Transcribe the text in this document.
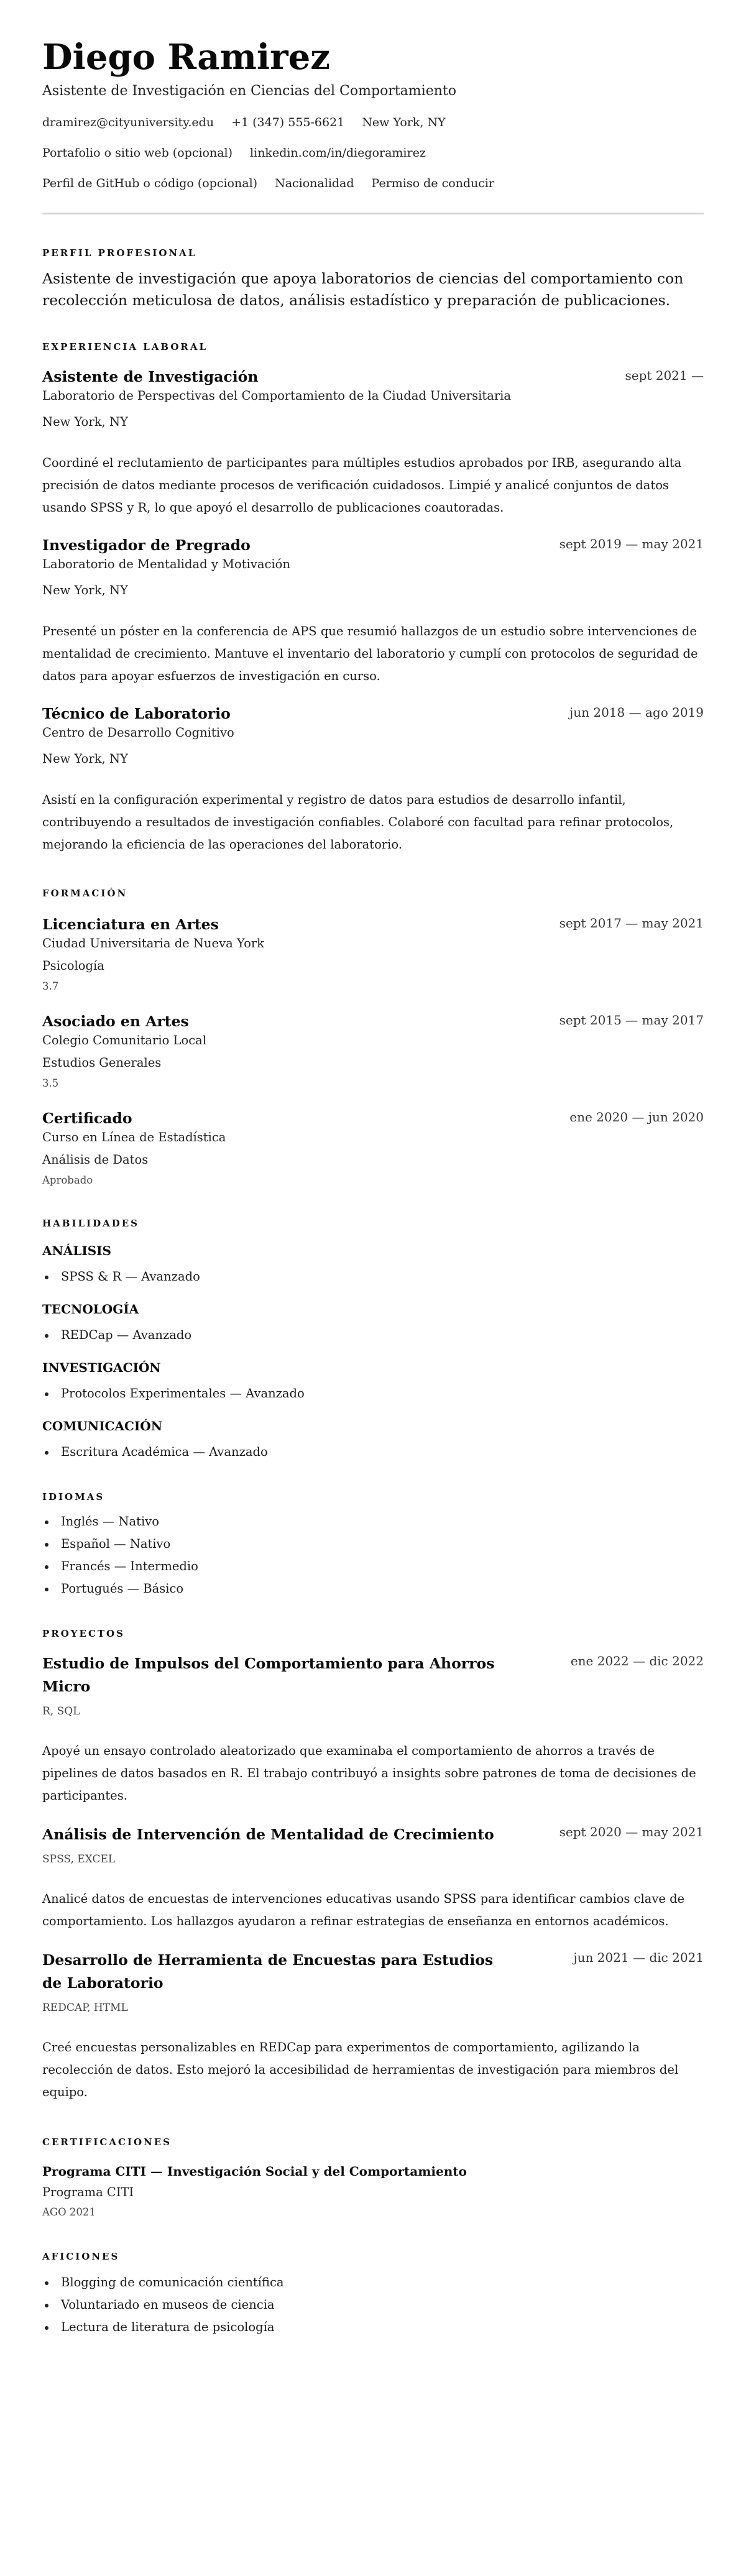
Diego Ramirez
Asistente de Investigación en Ciencias del Comportamiento
dramirez@cityuniversity.edu +1 (347) 555-6621 New York, NY
Portafolio o sitio web (opcional) linkedin.com/in/diegoramirez
Perfil de GitHub o código (opcional) Nacionalidad Permiso de conducir
PERFIL PROFESIONAL

Asistente de investigación que apoya laboratorios de ciencias del comportamiento con recolección meticulosa de datos, análisis estadístico y preparación de publicaciones.

EXPERIENCIA LABORAL
Asistente de Investigación	sept 2021 —
Laboratorio de Perspectivas del Comportamiento de la Ciudad Universitaria
New York, NY

Coordiné el reclutamiento de participantes para múltiples estudios aprobados por IRB, asegurando alta precisión de datos mediante procesos de verificación cuidadosos. Limpié y analicé conjuntos de datos usando SPSS y R, lo que apoyó el desarrollo de publicaciones coautoradas.

Investigador de Pregrado	sept 2019 — may 2021
Laboratorio de Mentalidad y Motivación
New York, NY

Presenté un póster en la conferencia de APS que resumió hallazgos de un estudio sobre intervenciones de mentalidad de crecimiento. Mantuve el inventario del laboratorio y cumplí con protocolos de seguridad de datos para apoyar esfuerzos de investigación en curso.

Técnico de Laboratorio	jun 2018 — ago 2019
Centro de Desarrollo Cognitivo
New York, NY

Asistí en la configuración experimental y registro de datos para estudios de desarrollo infantil, contribuyendo a resultados de investigación confiables. Colaboré con facultad para refinar protocolos, mejorando la eficiencia de las operaciones del laboratorio.

FORMACIÓN
Licenciatura en Artes	sept 2017 — may 2021
Ciudad Universitaria de Nueva York
Psicología
3.7
Asociado en Artes	sept 2015 — may 2017
Colegio Comunitario Local
Estudios Generales
3.5
Certificado	ene 2020 — jun 2020
Curso en Línea de Estadística
Análisis de Datos
Aprobado
HABILIDADES
ANÁLISIS
SPSS & R — Avanzado
TECNOLOGÍA
REDCap — Avanzado
INVESTIGACIÓN
Protocolos Experimentales — Avanzado
COMUNICACIÓN
Escritura Académica — Avanzado
IDIOMAS
Inglés — Nativo
Español — Nativo
Francés — Intermedio
Portugués — Básico
PROYECTOS
Estudio de Impulsos del Comportamiento para Ahorros Micro
ene 2022 — dic 2022
R, SQL

Apoyé un ensayo controlado aleatorizado que examinaba el comportamiento de ahorros a través de pipelines de datos basados en R. El trabajo contribuyó a insights sobre patrones de toma de decisiones de participantes.

Análisis de Intervención de Mentalidad de Crecimiento	sept 2020 — may 2021
SPSS, EXCEL

Analicé datos de encuestas de intervenciones educativas usando SPSS para identificar cambios clave de comportamiento. Los hallazgos ayudaron a refinar estrategias de enseñanza en entornos académicos.

Desarrollo de Herramienta de Encuestas para Estudios de Laboratorio
jun 2021 — dic 2021
REDCAP, HTML

Creé encuestas personalizables en REDCap para experimentos de comportamiento, agilizando la recolección de datos. Esto mejoró la accesibilidad de herramientas de investigación para miembros del equipo.

CERTIFICACIONES
Programa CITI — Investigación Social y del Comportamiento
Programa CITI
AGO 2021
AFICIONES
Blogging de comunicación científica
Voluntariado en museos de ciencia
Lectura de literatura de psicología
